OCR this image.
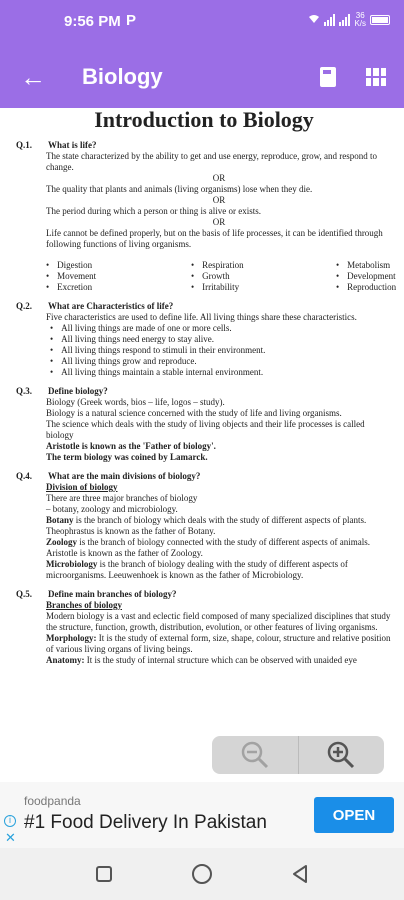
9:56 PM P	36
K/s
← Biology
Introduction to Biology
Q.1.	What is life?

The state characterized by the ability to get and use energy, reproduce, grow, and respond to change.

OR

The quality that plants and animals (living organisms) lose when they die.

OR

The period during which a person or thing is alive or exists.

OR

Life cannot be defined properly, but on the basis of life processes, it can be identified through following functions of living organisms.

• Digestion	• Respiration	• Metabolism
• Movement	• Growth	• Development
• Excretion	• Irritability	• Reproduction
Q.2.	What are Characteristics of life?

Five characteristics are used to define life. All living things share these characteristics.

• All living things are made of one or more cells.
• All living things need energy to stay alive.
• All living things respond to stimuli in their environment.
• All living things grow and reproduce.
• All living things maintain a stable internal environment.
Q.3.	Define biology?

Biology (Greek words, bios – life, logos – study).

Biology is a natural science concerned with the study of life and living organisms.

The science which deals with the study of living objects and their life processes is called biology

Aristotle is known as the 'Father of biology'.

The term biology was coined by Lamarck.

Q.4.	What are the main divisions of biology?

Division of biology

There are three major branches of biology

– botany, zoology and microbiology.

Botany is the branch of biology which deals with the study of different aspects of plants. Theophrastus is known as the father of Botany.

Zoology is the branch of biology connected with the study of different aspects of animals. Aristotle is known as the father of Zoology.

Microbiology is the branch of biology dealing with the study of different aspects of microorganisms. Leeuwenhoek is known as the father of Microbiology.

Q.5.	Define main branches of biology?

Branches of biology

Modern biology is a vast and eclectic field composed of many specialized disciplines that study the structure, function, growth, distribution, evolution, or other features of living organisms.

Morphology: It is the study of external form, size, shape, colour, structure and relative position of various living organs of living beings.

Anatomy: It is the study of internal structure which can be observed with unaided eye

i
✕
foodpanda
#1 Food Delivery In Pakistan	OPEN
